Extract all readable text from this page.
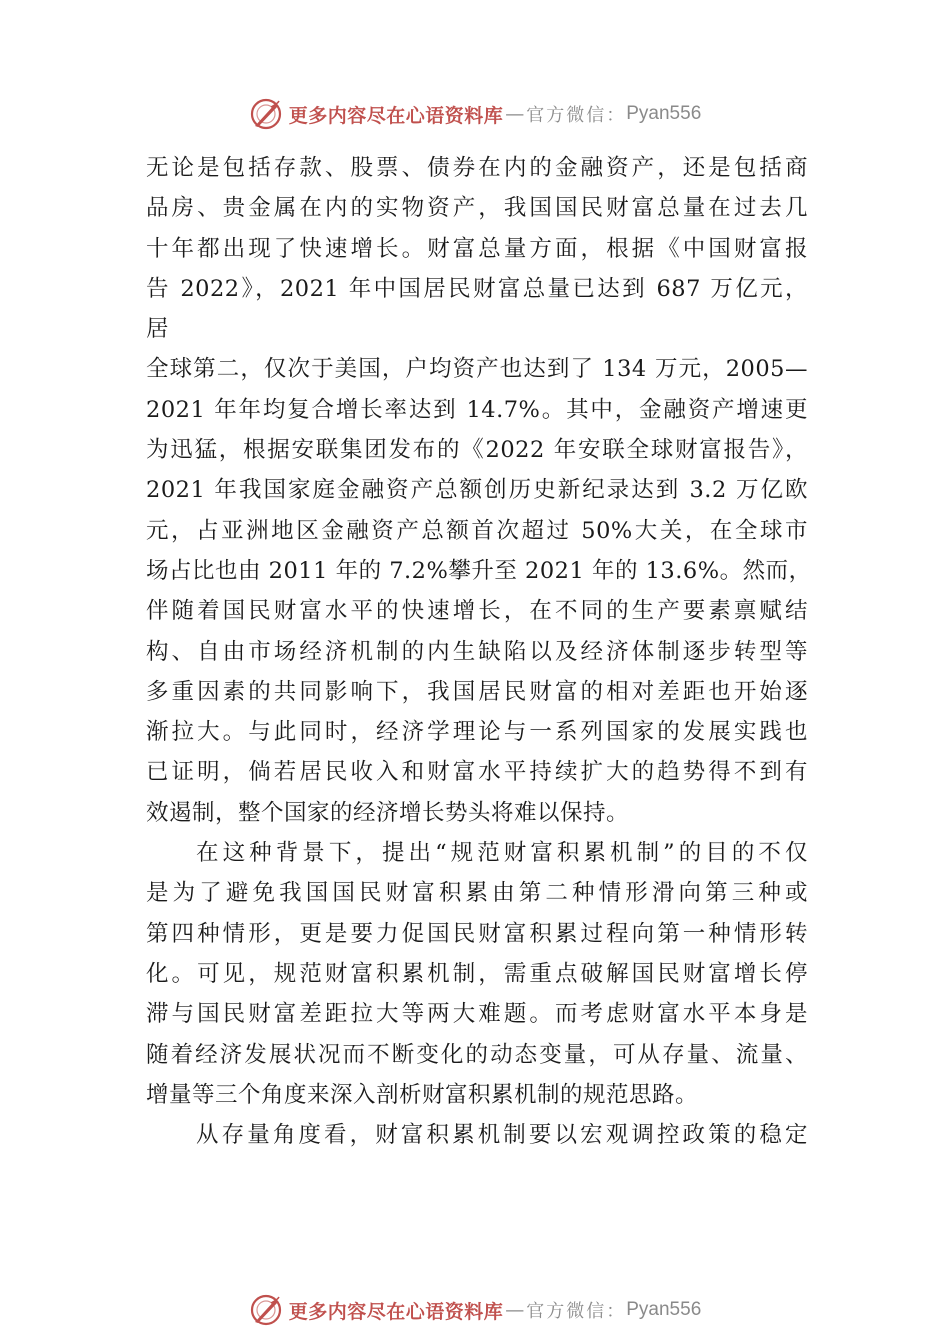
更多内容尽在心语资料库 — 官方微信： Pyan556
无论是包括存款、股票、债券在内的金融资产，还是包括商
品房、贵金属在内的实物资产，我国国民财富总量在过去几
十年都出现了快速增长。财富总量方面，根据《中国财富报
告 2022》，2021 年中国居民财富总量已达到 687 万亿元，
居
全球第二，仅次于美国，户均资产也达到了 134 万元，2005—
2021 年年均复合增长率达到 14.7%。其中，金融资产增速更
为迅猛，根据安联集团发布的《2022 年安联全球财富报告》，
2021 年我国家庭金融资产总额创历史新纪录达到 3.2 万亿欧
元，占亚洲地区金融资产总额首次超过 50%大关，在全球市
场占比也由 2011 年的 7.2%攀升至 2021 年的 13.6%。然而，
伴随着国民财富水平的快速增长，在不同的生产要素禀赋结
构、自由市场经济机制的内生缺陷以及经济体制逐步转型等
多重因素的共同影响下，我国居民财富的相对差距也开始逐
渐拉大。与此同时，经济学理论与一系列国家的发展实践也
已证明，倘若居民收入和财富水平持续扩大的趋势得不到有
效遏制，整个国家的经济增长势头将难以保持。
在这种背景下，提出“规范财富积累机制”的目的不仅
是为了避免我国国民财富积累由第二种情形滑向第三种或
第四种情形，更是要力促国民财富积累过程向第一种情形转
化。可见，规范财富积累机制，需重点破解国民财富增长停
滞与国民财富差距拉大等两大难题。而考虑财富水平本身是
随着经济发展状况而不断变化的动态变量，可从存量、流量、
增量等三个角度来深入剖析财富积累机制的规范思路。
从存量角度看，财富积累机制要以宏观调控政策的稳定
更多内容尽在心语资料库 — 官方微信： Pyan556
